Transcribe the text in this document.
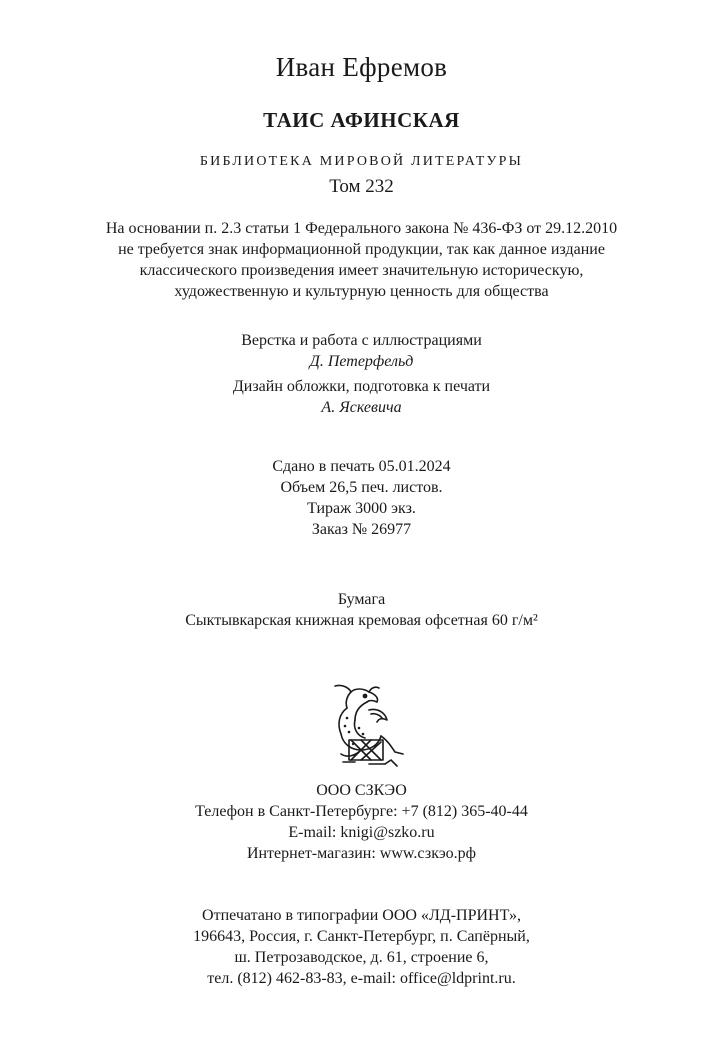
Иван Ефремов
ТАИС АФИНСКАЯ
БИБЛИОТЕКА МИРОВОЙ ЛИТЕРАТУРЫ
Том 232
На основании п. 2.3 статьи 1 Федерального закона № 436-ФЗ от 29.12.2010
не требуется знак информационной продукции, так как данное издание
классического произведения имеет значительную историческую,
художественную и культурную ценность для общества
Верстка и работа с иллюстрациями
Д. Петерфельд
Дизайн обложки, подготовка к печати
А. Яскевича
Сдано в печать 05.01.2024
Объем 26,5 печ. листов.
Тираж 3000 экз.
Заказ № 26977
Бумага
Сыктывкарская книжная кремовая офсетная 60 г/м²
ООО СЗКЭО
Телефон в Санкт-Петербурге: +7 (812) 365-40-44
E-mail: knigi@szko.ru
Интернет-магазин: www.сзкэо.рф
Отпечатано в типографии ООО «ЛД-ПРИНТ»,
196643, Россия, г. Санкт-Петербург, п. Сапёрный,
ш. Петрозаводское, д. 61, строение 6,
тел. (812) 462-83-83, e-mail: office@ldprint.ru.
